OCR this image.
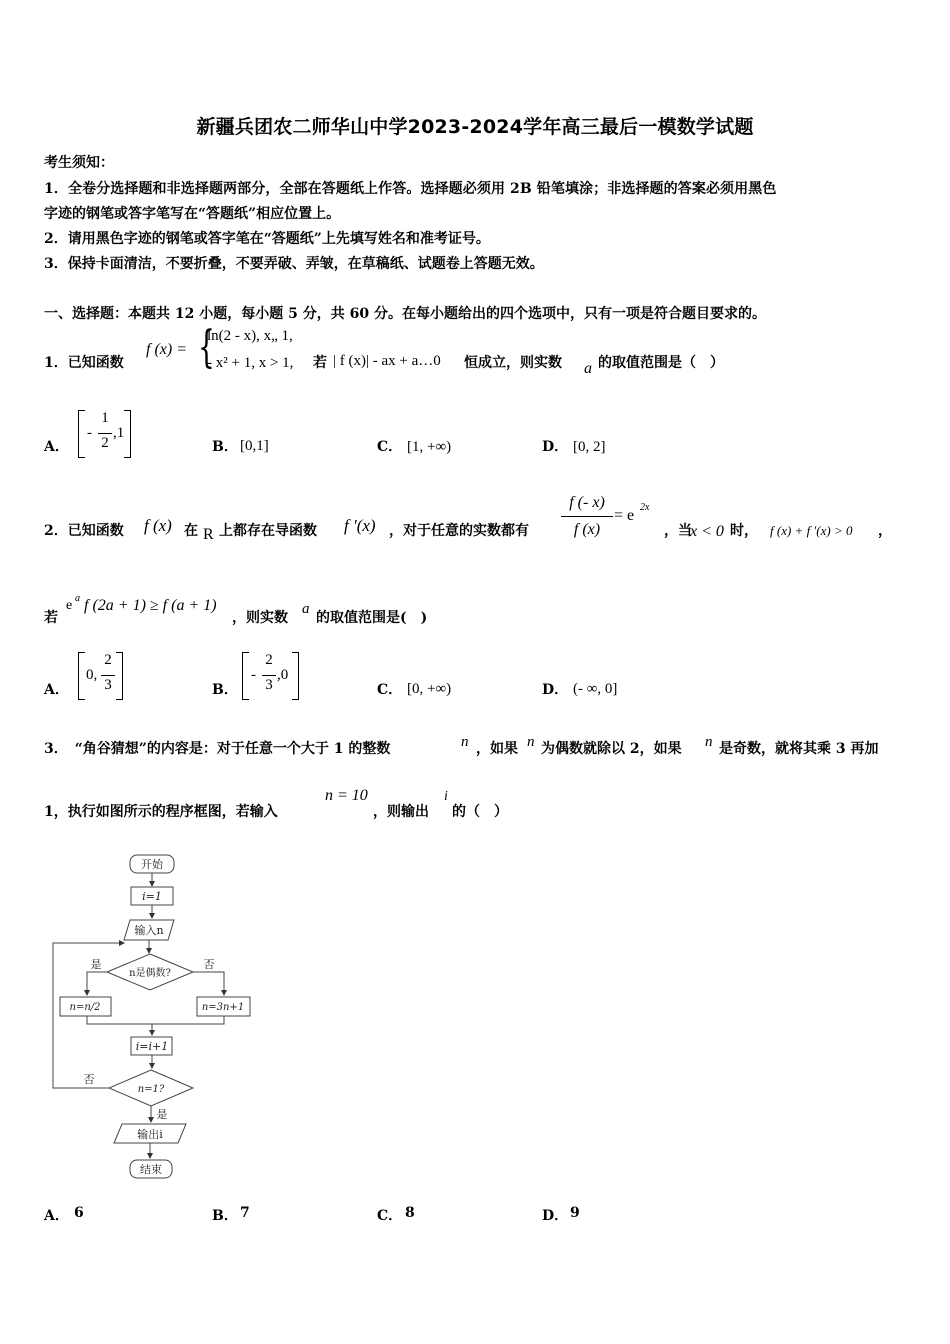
新疆兵团农二师华山中学2023-2024学年高三最后一模数学试题
考生须知：
1．全卷分选择题和非选择题两部分，全部在答题纸上作答。选择题必须用 2B 铅笔填涂；非选择题的答案必须用黑色
字迹的钢笔或答字笔写在“答题纸”相应位置上。
2．请用黑色字迹的钢笔或答字笔在“答题纸”上先填写姓名和准考证号。
3．保持卡面清洁，不要折叠，不要弄破、弄皱，在草稿纸、试题卷上答题无效。
一、选择题：本题共 12 小题，每小题 5 分，共 60 分。在每小题给出的四个选项中，只有一项是符合题目要求的。
1．已知函数
f (x) = {
ln(2 - x), x„ 1,
- x² + 1, x > 1, 若 | f (x)| - ax + a…0 恒成立，则实数 a 的取值范围是（　）
A．
-
1
2
,1
B． [0,1]	C． [1, +∞)	D． [0, 2]
2．已知函数 f (x) 在 R 上都存在导函数 f ′(x) ，对于任意的实数都有
f (- x)
f (x)
= e 2x
，当
x < 0 时， f (x) + f ′(x) > 0 ，
若
e a f (2a + 1) ≥ f (a + 1)
，则实数
a
的取值范围是(　)
A．
0,
2
3	B．
-
2
3
,0
C． [0, +∞)	D． (- ∞, 0]
3．　“角谷猜想”的内容是：对于任意一个大于 1 的整数	n ，如果 n 为偶数就除以 2，如果 n 是奇数，就将其乘 3 再加
1，执行如图所示的程序框图，若输入
n = 10
，则输出
i
的（　）
开始
i=1
输入n
n是偶数?
是	否
n=n/2	n=3n+1
i=i+1
n=1?
否
是
输出i
结束
A． 6	B． 7	C． 8	D． 9
